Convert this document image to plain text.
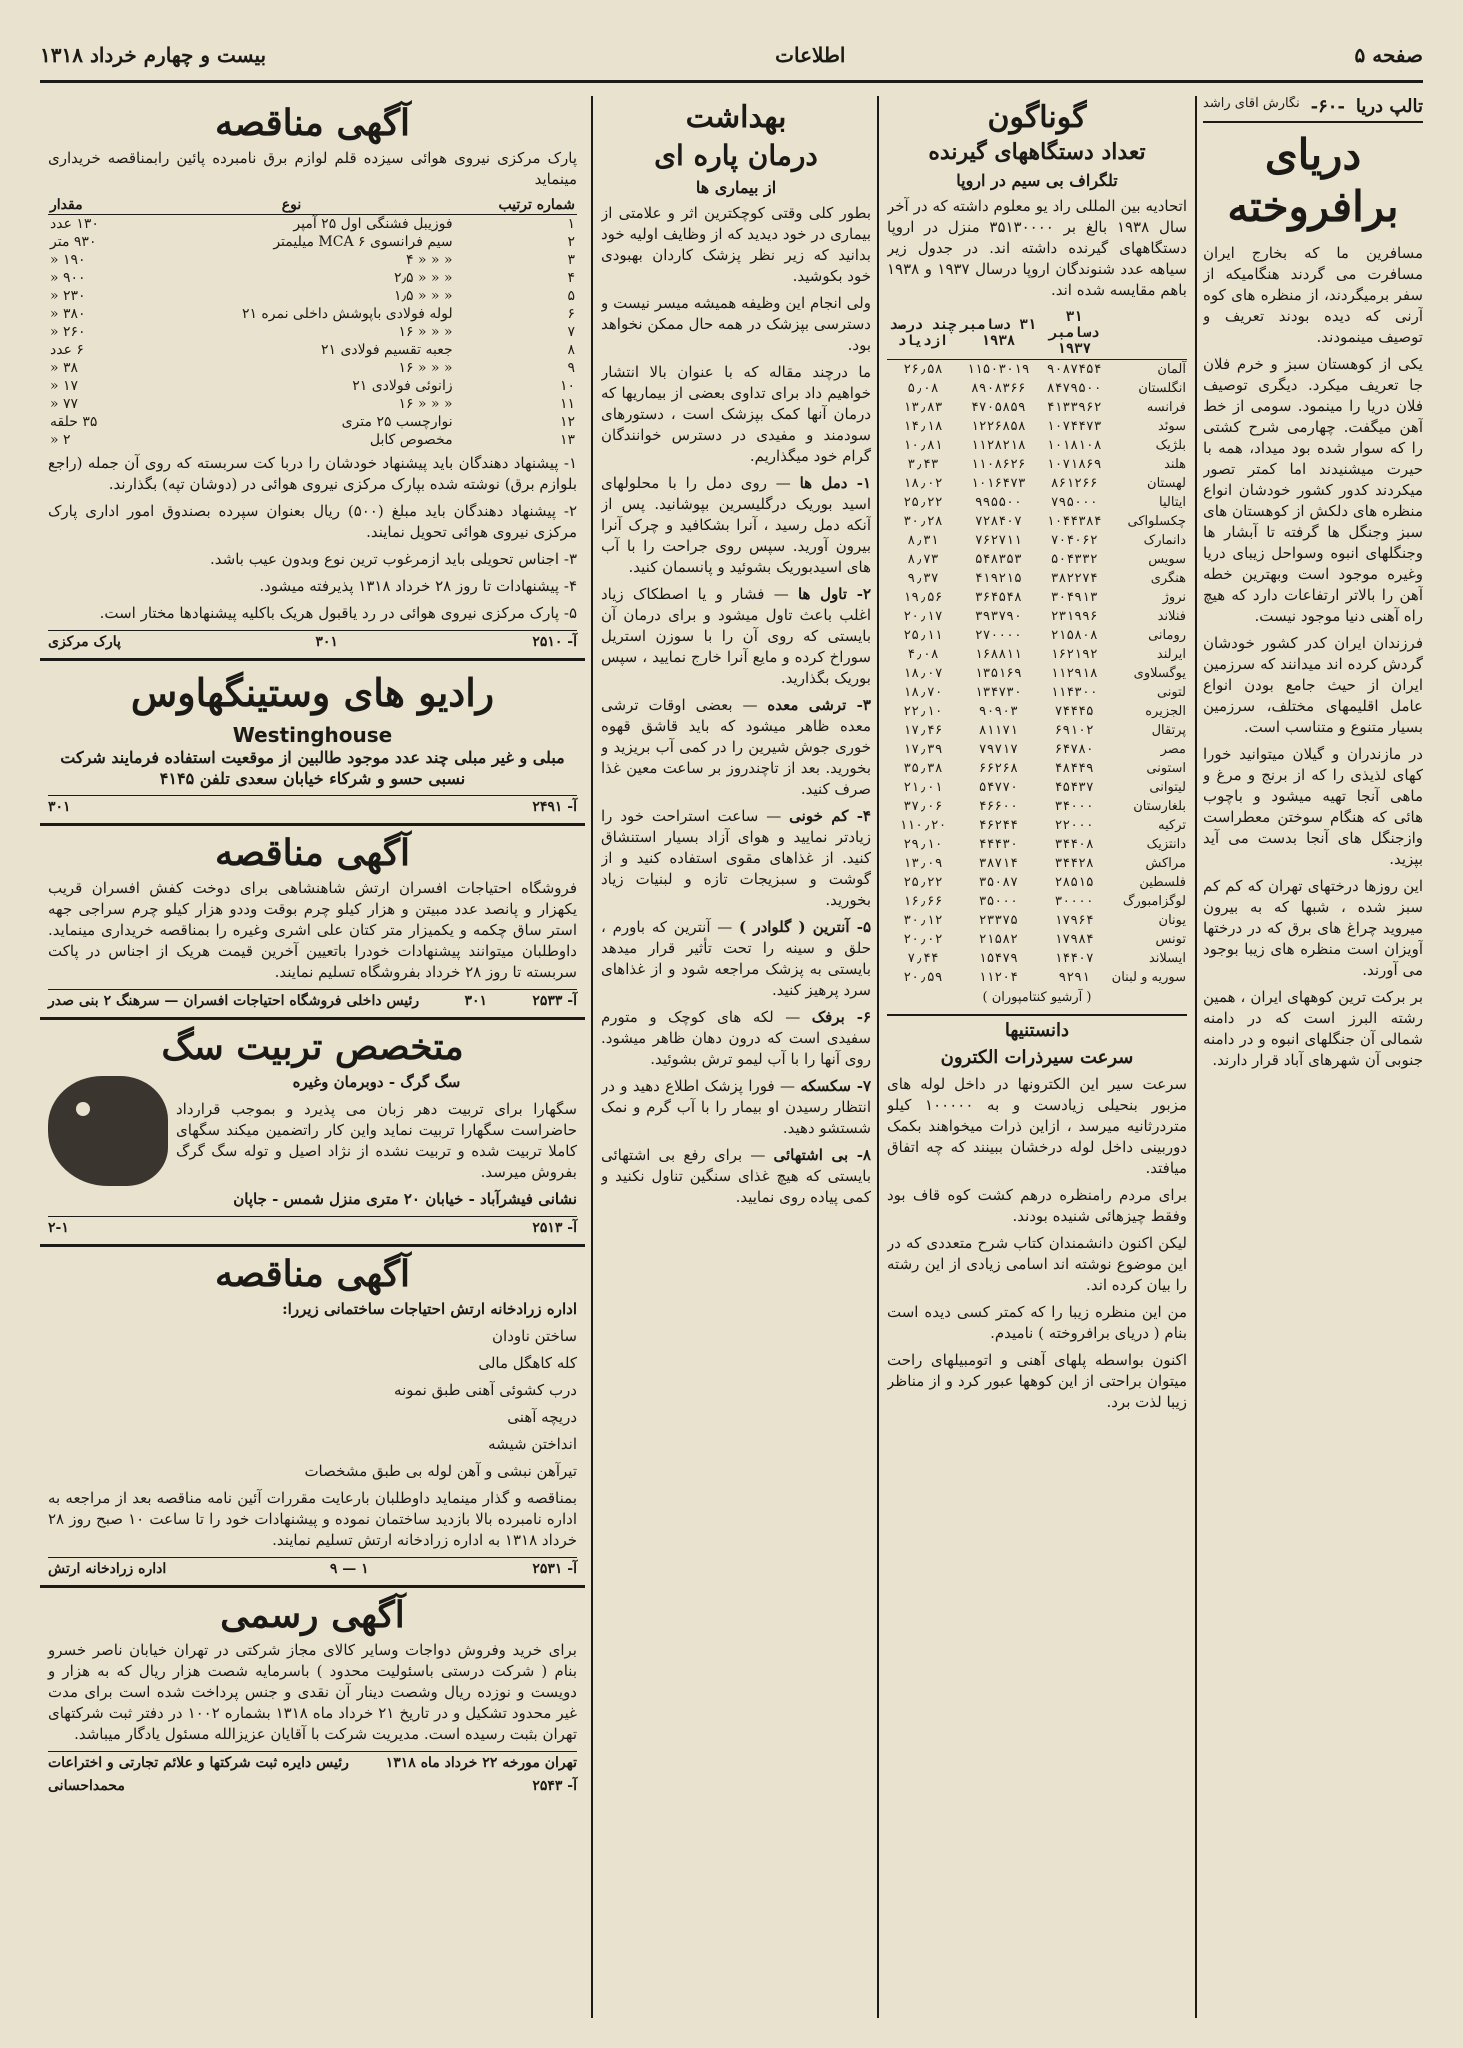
صفحه ۵
اطلاعات
بیست و چهارم خرداد ۱۳۱۸
تالپ دریا
-۶۰-
نگارش آقای راشد
دریای برافروخته

مسافرین ما که بخارج ایران مسافرت می گردند هنگامیکه از سفر برمیگردند، از منظره های کوه آرنی که دیده بودند تعریف و توصیف مینمودند.

یکی از کوهستان سبز و خرم فلان جا تعریف میکرد. دیگری توصیف فلان دریا را مینمود. سومی از خط آهن میگفت. چهارمی شرح کشتی را که سوار شده بود میداد، همه با حیرت میشنیدند اما کمتر تصور میکردند کدور کشور خودشان انواع منظره های دلکش از کوهستان های سبز وجنگل ها گرفته تا آبشار ها وجنگلهای انبوه وسواحل زیبای دریا وغیره موجود است وبهترین خطه آهن را بالاتر ارتفاعات دارد که هیچ راه آهنی دنیا موجود نیست.

فرزندان ایران کدر کشور خودشان گردش کرده اند میدانند که سرزمین ایران از حیث جامع بودن انواع عامل اقلیمهای مختلف، سرزمین بسیار متنوع و متناسب است.

در مازندران و گیلان میتوانید خورا کهای لذیذی را که از برنج و مرغ و ماهی آنجا تهیه میشود و باچوب هائی که هنگام سوختن معطراست وازجنگل های آنجا بدست می آید بپزید.

این روزها درختهای تهران که کم کم سبز شده ، شبها که به بیرون میروید چراغ های برق که در درختها آویزان است منظره های زیبا بوجود می آورند.

بر برکت ترین کوههای ایران ، همین رشته البرز است که در دامنه شمالی آن جنگلهای انبوه و در دامنه جنوبی آن شهرهای آباد قرار دارند.

گوناگون
تعداد دستگاههای گیرنده
تلگراف بی سیم در اروپا

اتحادیه بین المللی راد یو معلوم داشته که در آخر سال ۱۹۳۸ بالغ بر ۳۵۱۳۰۰۰۰ منزل در اروپا دستگاههای گیرنده داشته اند. در جدول زیر سیاهه عدد شنوندگان اروپا درسال ۱۹۳۷ و ۱۹۳۸ باهم مقایسه شده اند.

	۳۱ دسامبر ۱۹۳۷	۳۱ دسامبر ۱۹۳۸	چند درصد ازدیاد
آلمان	۹۰۸۷۴۵۴	۱۱۵۰۳۰۱۹	۲۶٫۵۸
انگلستان	۸۴۷۹۵۰۰	۸۹۰۸۳۶۶	۵٫۰۸
فرانسه	۴۱۳۳۹۶۲	۴۷۰۵۸۵۹	۱۳٫۸۳
سوئد	۱۰۷۴۴۷۳	۱۲۲۶۸۵۸	۱۴٫۱۸
بلژیک	۱۰۱۸۱۰۸	۱۱۲۸۲۱۸	۱۰٫۸۱
هلند	۱۰۷۱۸۶۹	۱۱۰۸۶۲۶	۳٫۴۳
لهستان	۸۶۱۲۶۶	۱۰۱۶۴۷۳	۱۸٫۰۲
ایتالیا	۷۹۵۰۰۰	۹۹۵۵۰۰	۲۵٫۲۲
چکسلواکی	۱۰۴۴۳۸۴	۷۲۸۴۰۷	۳۰٫۲۸
دانمارک	۷۰۴۰۶۲	۷۶۲۷۱۱	۸٫۳۱
سویس	۵۰۴۳۳۲	۵۴۸۳۵۳	۸٫۷۳
هنگری	۳۸۲۲۷۴	۴۱۹۲۱۵	۹٫۳۷
نروژ	۳۰۴۹۱۳	۳۶۴۵۴۸	۱۹٫۵۶
فنلاند	۲۳۱۹۹۶	۳۹۳۷۹۰	۲۰٫۱۷
رومانی	۲۱۵۸۰۸	۲۷۰۰۰۰	۲۵٫۱۱
ایرلند	۱۶۲۱۹۲	۱۶۸۸۱۱	۴٫۰۸
یوگسلاوی	۱۱۲۹۱۸	۱۳۵۱۶۹	۱۸٫۰۷
لتونی	۱۱۴۳۰۰	۱۳۴۷۳۰	۱۸٫۷۰
الجزیره	۷۴۴۴۵	۹۰۹۰۳	۲۲٫۱۰
پرتقال	۶۹۱۰۲	۸۱۱۷۱	۱۷٫۴۶
مصر	۶۴۷۸۰	۷۹۷۱۷	۱۷٫۳۹
استونی	۴۸۴۴۹	۶۶۲۶۸	۳۵٫۳۸
لیتوانی	۴۵۴۳۷	۵۴۷۷۰	۲۱٫۰۱
بلغارستان	۳۴۰۰۰	۴۶۶۰۰	۳۷٫۰۶
ترکیه	۲۲۰۰۰	۴۶۲۴۴	۱۱۰٫۲۰
دانتزیک	۳۴۴۰۸	۴۴۴۳۰	۲۹٫۱۰
مراکش	۳۴۴۲۸	۳۸۷۱۴	۱۳٫۰۹
فلسطین	۲۸۵۱۵	۳۵۰۸۷	۲۵٫۲۲
لوگزامبورگ	۳۰۰۰۰	۳۵۰۰۰	۱۶٫۶۶
یونان	۱۷۹۶۴	۲۳۳۷۵	۳۰٫۱۲
تونس	۱۷۹۸۴	۲۱۵۸۲	۲۰٫۰۲
ایسلاند	۱۴۴۰۷	۱۵۴۷۹	۷٫۴۴
سوریه و لبنان	۹۲۹۱	۱۱۲۰۴	۲۰٫۵۹

( آرشیو کنتامپوران )

دانستنیها
سرعت سیرذرات الکترون

سرعت سیر این الکترونها در داخل لوله های مزبور بنحیلی زیادست و به ۱۰۰۰۰۰ کیلو متردرثانیه میرسد ، ازاین ذرات میخواهند بکمک دوربینی داخل لوله درخشان ببینند که چه اتفاق میافتد.

برای مردم رامنظره درهم کشت کوه قاف بود وفقط چیزهائی شنیده بودند.

لیکن اکنون دانشمندان کتاب شرح متعددی که در این موضوع نوشته اند اسامی زیادی از این رشته را بیان کرده اند.

من این منظره زیبا را که کمتر کسی دیده است بنام ( دریای برافروخته ) نامیدم.

اکنون بواسطه پلهای آهنی و اتومبیلهای راحت میتوان براحتی از این کوهها عبور کرد و از مناظر زیبا لذت برد.

بهداشت
درمان پاره ای
از بیماری ها

بطور کلی وقتی کوچکترین اثر و علامتی از بیماری در خود دیدید که از وظایف اولیه خود بدانید که زیر نظر پزشک کاردان بهبودی خود بکوشید.

ولی انجام این وظیفه همیشه میسر نیست و دسترسی بپزشک در همه حال ممکن نخواهد بود.

ما درچند مقاله که با عنوان بالا انتشار خواهیم داد برای تداوی بعضی از بیماریها که درمان آنها کمک بپزشک است ، دستورهای سودمند و مفیدی در دسترس خوانندگان گرام خود میگذاریم.

۱- دمل ها — روی دمل را با محلولهای اسید بوریک درگلیسرین بپوشانید. پس از آنکه دمل رسید ، آنرا بشکافید و چرک آنرا بیرون آورید. سپس روی جراحت را با آب های اسیدبوریک بشوئید و پانسمان کنید.

۲- تاول ها — فشار و یا اصطکاک زیاد اغلب باعث تاول میشود و برای درمان آن بایستی که روی آن را با سوزن استریل سوراخ کرده و مایع آنرا خارج نمایید ، سپس بوریک بگذارید.

۳- ترشی معده — بعضی اوقات ترشی معده ظاهر میشود که باید قاشق قهوه خوری جوش شیرین را در کمی آب بریزید و بخورید. بعد از تاچندروز بر ساعت معین غذا صرف کنید.

۴- کم خونی — ساعت استراحت خود را زیادتر نمایید و هوای آزاد بسیار استنشاق کنید. از غذاهای مقوی استفاده کنید و از گوشت و سبزیجات تازه و لبنیات زیاد بخورید.

۵- آنترین ( گلوادر ) — آنترین که باورم ، حلق و سینه را تحت تأثیر قرار میدهد بایستی به پزشک مراجعه شود و از غذاهای سرد پرهیز کنید.

۶- برفک — لکه های کوچک و متورم سفیدی است که درون دهان ظاهر میشود. روی آنها را با آب لیمو ترش بشوئید.

۷- سکسکه — فورا پزشک اطلاع دهید و در انتظار رسیدن او بیمار را با آب گرم و نمک شستشو دهید.

۸- بی اشتهائی — برای رفع بی اشتهائی بایستی که هیچ غذای سنگین تناول نکنید و کمی پیاده روی نمایید.

آگهی مناقصه

پارک مرکزی نیروی هوائی سیزده قلم لوازم برق نامبرده پائین رابمناقصه خریداری مینماید

شماره ترتیب	نوع	مقدار
۱	فوزیبل فشنگی اول ۲۵ آمپر	۱۳۰ عدد
۲	سیم فرانسوی MCA ۶ میلیمتر	۹۳۰ متر
۳	« « « ۴	۱۹۰ «
۴	« « « ۲٫۵	۹۰۰ «
۵	« « « ۱٫۵	۲۳۰ «
۶	لوله فولادی باپوشش داخلی نمره ۲۱	۳۸۰ «
۷	« « « ۱۶	۲۶۰ «
۸	جعبه تقسیم فولادی ۲۱	۶ عدد
۹	« « « ۱۶	۳۸ «
۱۰	زانوئی فولادی ۲۱	۱۷ «
۱۱	« « « ۱۶	۷۷ «
۱۲	نوارچسب ۲۵ متری	۳۵ حلقه
۱۳	مخصوص کابل	۲ «

۱- پیشنهاد دهندگان باید پیشنهاد خودشان را دربا کت سربسته که روی آن جمله (راجع بلوازم برق) نوشته شده بپارک مرکزی نیروی هوائی در (دوشان تپه) بگذارند.

۲- پیشنهاد دهندگان باید مبلغ (۵۰۰) ریال بعنوان سپرده بصندوق امور اداری پارک مرکزی نیروی هوائی تحویل نمایند.

۳- اجناس تحویلی باید ازمرغوب ترین نوع وبدون عیب باشد.

۴- پیشنهادات تا روز ۲۸ خرداد ۱۳۱۸ پذیرفته میشود.

۵- پارک مرکزی نیروی هوائی در رد یاقبول هریک باکلیه پیشنهادها مختار است.

آ- ۲۵۱۰
۳۰۱
پارک مرکزی
رادیو های وستینگهاوس
Westinghouse

مبلی و غیر مبلی چند عدد موجود طالبین از موقعیت استفاده فرمایند شرکت نسبی حسو و شرکاء خیابان سعدی تلفن ۴۱۴۵

آ- ۲۴۹۱
۳۰۱
آگهی مناقصه

فروشگاه احتیاجات افسران ارتش شاهنشاهی برای دوخت کفش افسران قریب یکهزار و پانصد عدد مبیتن و هزار کیلو چرم بوقت وددو هزار کیلو چرم سراجی جهه استر ساق چکمه و یکمیزار متر کتان علی اشری وغیره را بمناقصه خریداری مینماید. داوطلبان میتوانند پیشنهادات خودرا باتعیین آخرین قیمت هریک از اجناس در پاکت سربسته تا روز ۲۸ خرداد بفروشگاه تسلیم نمایند.

آ- ۲۵۳۳
۳۰۱
رئیس داخلی فروشگاه احتیاجات افسران — سرهنگ ۲ بنی صدر
متخصص تربیت سگ

سگ گرگ - دوبرمان وغیره

سگهارا برای تربیت دهر زبان می پذیرد و بموجب قرارداد حاضراست سگهارا تربیت نماید واین کار راتضمین میکند سگهای کاملا تربیت شده و تربیت نشده از نژاد اصیل و توله سگ گرگ بفروش میرسد.

نشانی فیشرآباد - خیابان ۲۰ متری منزل شمس - جاپان

آ- ۲۵۱۳
۲-۱
آگهی مناقصه

اداره زرادخانه ارتش احتیاجات ساختمانی زیررا:

ساختن ناودان

کله کاهگل مالی

درب کشوئی آهنی طبق نمونه

دریچه آهنی

انداختن شیشه

تیرآهن نبشی و آهن لوله بی طبق مشخصات

بمناقصه و گذار مینماید داوطلبان بارعایت مقررات آئین نامه مناقصه بعد از مراجعه به اداره نامبرده بالا بازدید ساختمان نموده و پیشنهادات خود را تا ساعت ۱۰ صبح روز ۲۸ خرداد ۱۳۱۸ به اداره زرادخانه ارتش تسلیم نمایند.

آ- ۲۵۳۱
۱ — ۹
اداره زرادخانه ارتش
آگهی رسمی

برای خرید وفروش دواجات وسایر کالای مجاز شرکتی در تهران خیابان ناصر خسرو بنام ( شرکت درستی باسئولیت محدود ) باسرمایه شصت هزار ریال که به هزار و دویست و نوزده ریال وشصت دینار آن نقدی و جنس پرداخت شده است برای مدت غیر محدود تشکیل و در تاریخ ۲۱ خرداد ماه ۱۳۱۸ بشماره ۱۰۰۲ در دفتر ثبت شرکتهای تهران بثبت رسیده است. مدیریت شرکت با آقایان عزیزالله مسئول یادگار میباشد.

تهران مورخه ۲۲ خرداد ماه ۱۳۱۸
رئیس دایره ثبت شرکتها و علائم تجارتی و اختراعات
آ- ۲۵۴۳
محمداحسانی
